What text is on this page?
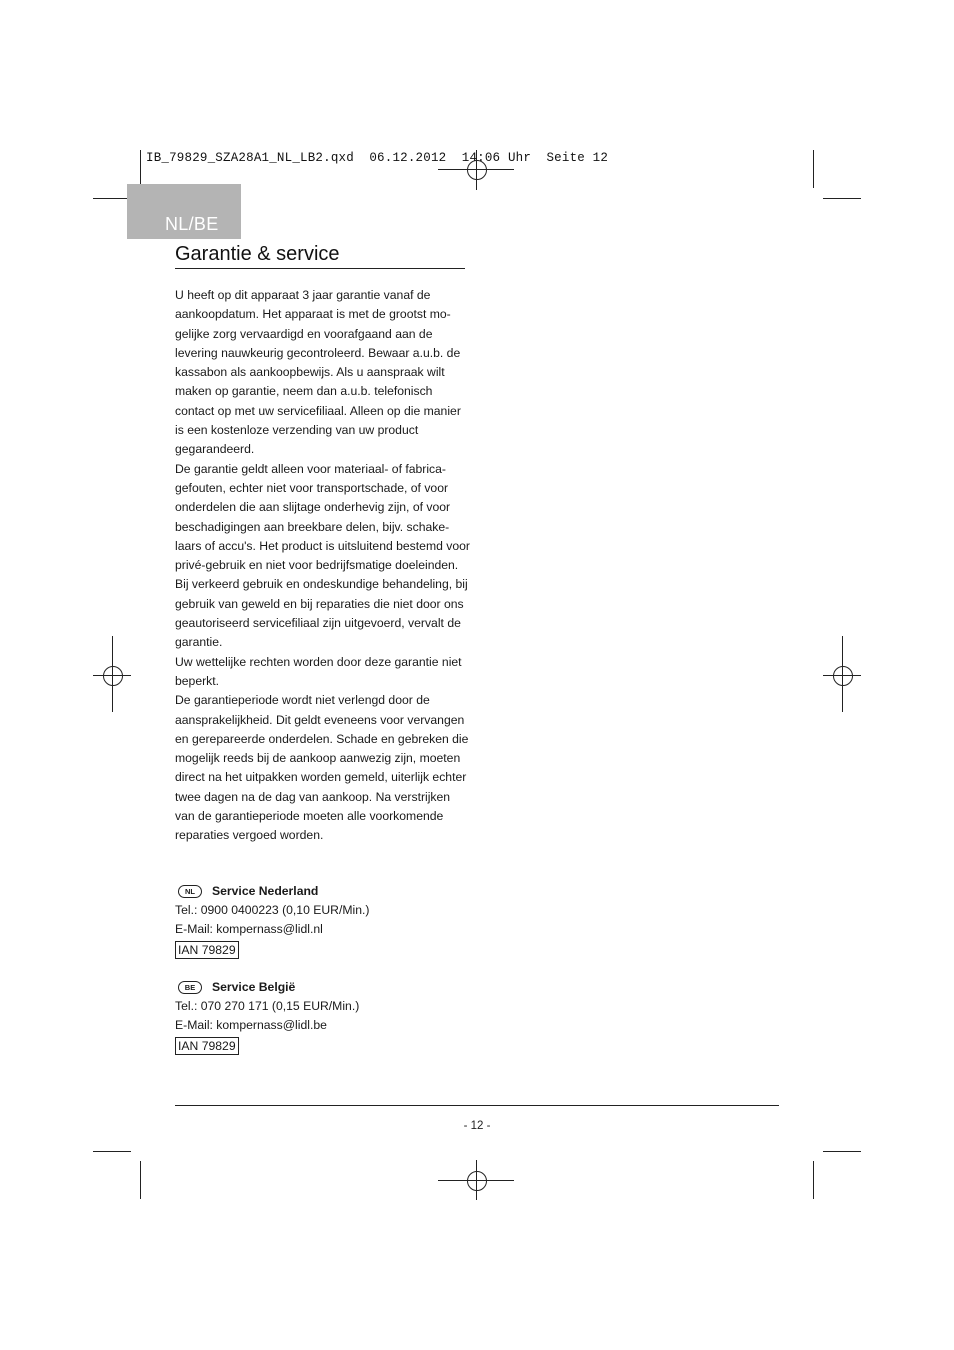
IB_79829_SZA28A1_NL_LB2.qxd  06.12.2012  14:06 Uhr  Seite 12
NL/BE
Garantie & service

U heeft op dit apparaat 3 jaar garantie vanaf de aankoopdatum. Het apparaat is met de grootst mogelijke zorg vervaardigd en voorafgaand aan de levering nauwkeurig gecontroleerd. Bewaar a.u.b. de kassabon als aankoopbewijs. Als u aanspraak wilt maken op garantie, neem dan a.u.b. telefonisch contact op met uw servicefiliaal. Alleen op die manier is een kostenloze verzending van uw product gegarandeerd.

De garantie geldt alleen voor materiaal- of fabricagefouten, echter niet voor transportschade, of voor onderdelen die aan slijtage onderhevig zijn, of voor beschadigingen aan breekbare delen, bijv. schakelaars of accu's. Het product is uitsluitend bestemd voor privé-gebruik en niet voor bedrijfsmatige doeleinden.

Bij verkeerd gebruik en ondeskundige behandeling, bij gebruik van geweld en bij reparaties die niet door ons geautoriseerd servicefiliaal zijn uitgevoerd, vervalt de garantie.

Uw wettelijke rechten worden door deze garantie niet beperkt.

De garantieperiode wordt niet verlengd door de aansprakelijkheid. Dit geldt eveneens voor vervangen en gerepareerde onderdelen. Schade en gebreken die mogelijk reeds bij de aankoop aanwezig zijn, moeten direct na het uitpakken worden gemeld, uiterlijk echter twee dagen na de dag van aankoop. Na verstrijken van de garantieperiode moeten alle voorkomende reparaties vergoed worden.

NL	Service Nederland
Tel.: 0900 0400223 (0,10 EUR/Min.)
E-Mail: kompernass@lidl.nl
IAN 79829
BE	Service België
Tel.: 070 270 171 (0,15 EUR/Min.)
E-Mail: kompernass@lidl.be
IAN 79829
- 12 -
